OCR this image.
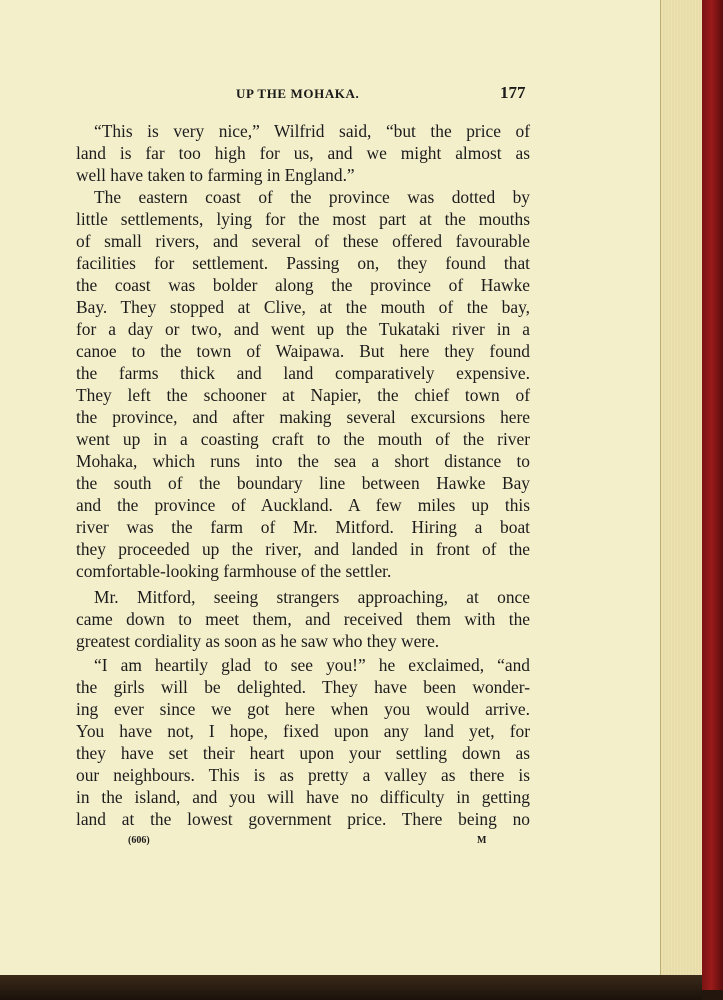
UP THE MOHAKA.	177
“This is very nice,” Wilfrid said, “but the price of
land is far too high for us, and we might almost as
well have taken to farming in England.”
The eastern coast of the province was dotted by
little settlements, lying for the most part at the mouths
of small rivers, and several of these offered favourable
facilities for settlement. Passing on, they found that
the coast was bolder along the province of Hawke
Bay. They stopped at Clive, at the mouth of the bay,
for a day or two, and went up the Tukataki river in a
canoe to the town of Waipawa. But here they found
the farms thick and land comparatively expensive.
They left the schooner at Napier, the chief town of
the province, and after making several excursions here
went up in a coasting craft to the mouth of the river
Mohaka, which runs into the sea a short distance to
the south of the boundary line between Hawke Bay
and the province of Auckland. A few miles up this
river was the farm of Mr. Mitford. Hiring a boat
they proceeded up the river, and landed in front of the
comfortable-looking farmhouse of the settler.
Mr. Mitford, seeing strangers approaching, at once
came down to meet them, and received them with the
greatest cordiality as soon as he saw who they were.
“I am heartily glad to see you!” he exclaimed, “and
the girls will be delighted. They have been wonder-
ing ever since we got here when you would arrive.
You have not, I hope, fixed upon any land yet, for
they have set their heart upon your settling down as
our neighbours. This is as pretty a valley as there is
in the island, and you will have no difficulty in getting
land at the lowest government price. There being no
(606)	M
